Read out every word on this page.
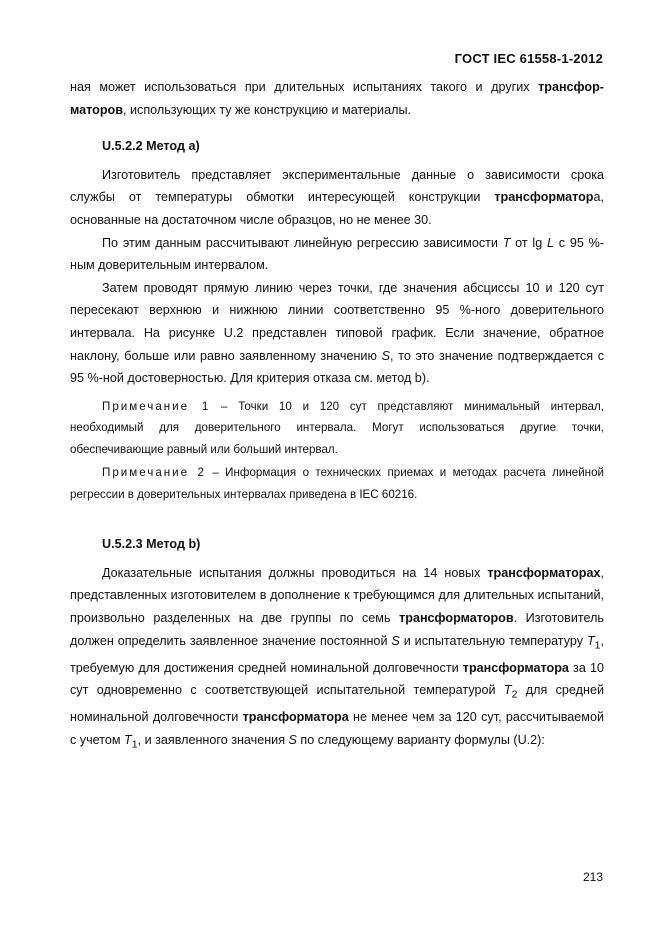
ГОСТ IEC 61558-1-2012

ная может использоваться при длительных испытаниях такого и других трансфор-маторов, использующих ту же конструкцию и материалы.

U.5.2.2 Метод а)

Изготовитель представляет экспериментальные данные о зависимости срока службы от температуры обмотки интересующей конструкции трансформатора, основанные на достаточном числе образцов, но не менее 30.

По этим данным рассчитывают линейную регрессию зависимости T от lg L с 95 %-ным доверительным интервалом.

Затем проводят прямую линию через точки, где значения абсциссы 10 и 120 сут пересекают верхнюю и нижнюю линии соответственно 95 %-ного доверительного интервала. На рисунке U.2 представлен типовой график. Если значение, обратное наклону, больше или равно заявленному значению S, то это значение подтверждается с 95 %-ной достоверностью. Для критерия отказа см. метод b).

Примечание 1 – Точки 10 и 120 сут представляют минимальный интервал, необходимый для доверительного интервала. Могут использоваться другие точки, обеспечивающие равный или больший интервал.

Примечание 2 – Информация о технических приемах и методах расчета линейной регрессии в доверительных интервалах приведена в IEC 60216.

U.5.2.3 Метод b)

Доказательные испытания должны проводиться на 14 новых трансформаторах, представленных изготовителем в дополнение к требующимся для длительных испытаний, произвольно разделенных на две группы по семь трансформаторов. Изготовитель должен определить заявленное значение постоянной S и испытательную температуру $T_1$, требуемую для достижения средней номинальной долговечности трансформатора за 10 сут одновременно с соответствующей испытательной температурой $T_2$ для средней номинальной долговечности трансформатора не менее чем за 120 сут, рассчитываемой с учетом $T_1$, и заявленного значения S по следующему варианту формулы (U.2):

213
